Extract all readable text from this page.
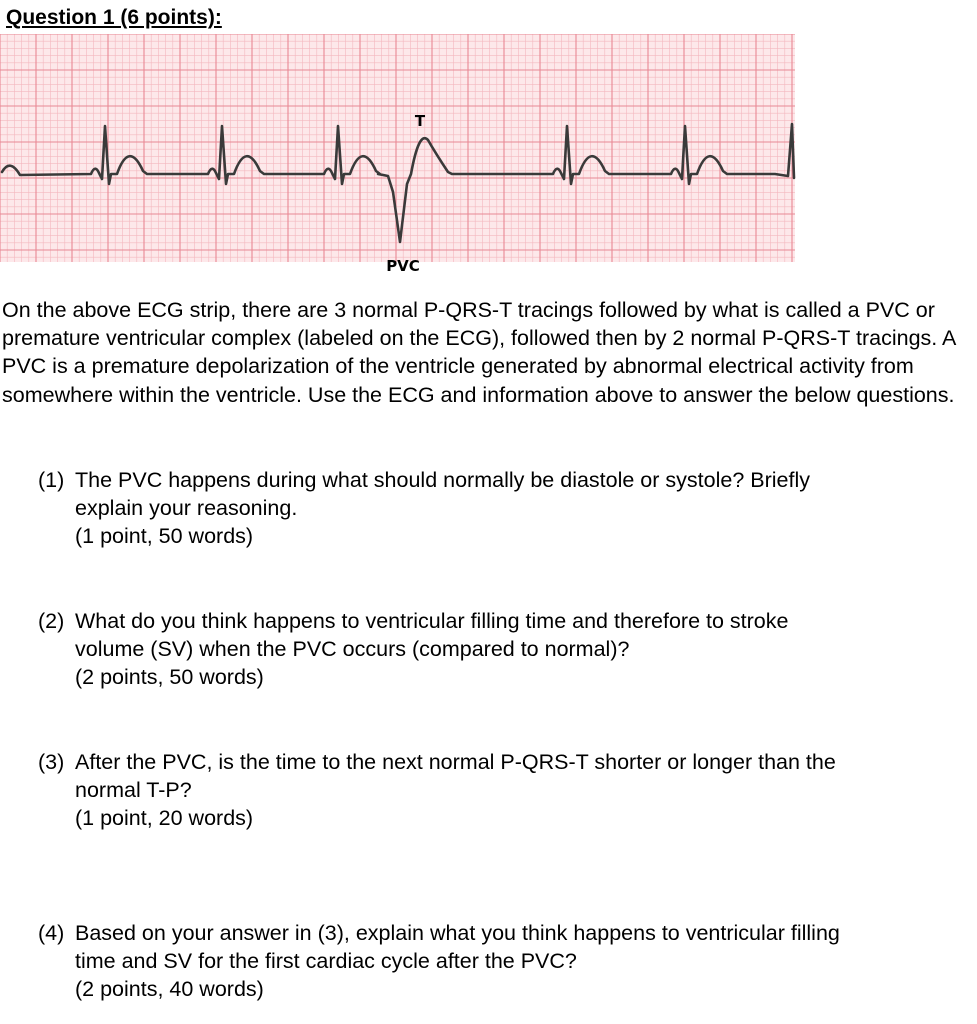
Question 1 (6 points):
T
PVC

On the above ECG strip, there are 3 normal P-QRS-T tracings followed by what is called a PVC or premature ventricular complex (labeled on the ECG), followed then by 2 normal P-QRS-T tracings. A PVC is a premature depolarization of the ventricle generated by abnormal electrical activity from somewhere within the ventricle. Use the ECG and information above to answer the below questions.

(1) The PVC happens during what should normally be diastole or systole? Briefly
explain your reasoning.
(1 point, 50 words)
(2) What do you think happens to ventricular filling time and therefore to stroke
volume (SV) when the PVC occurs (compared to normal)?
(2 points, 50 words)
(3) After the PVC, is the time to the next normal P-QRS-T shorter or longer than the
normal T-P?
(1 point, 20 words)
(4) Based on your answer in (3), explain what you think happens to ventricular filling
time and SV for the first cardiac cycle after the PVC?
(2 points, 40 words)
